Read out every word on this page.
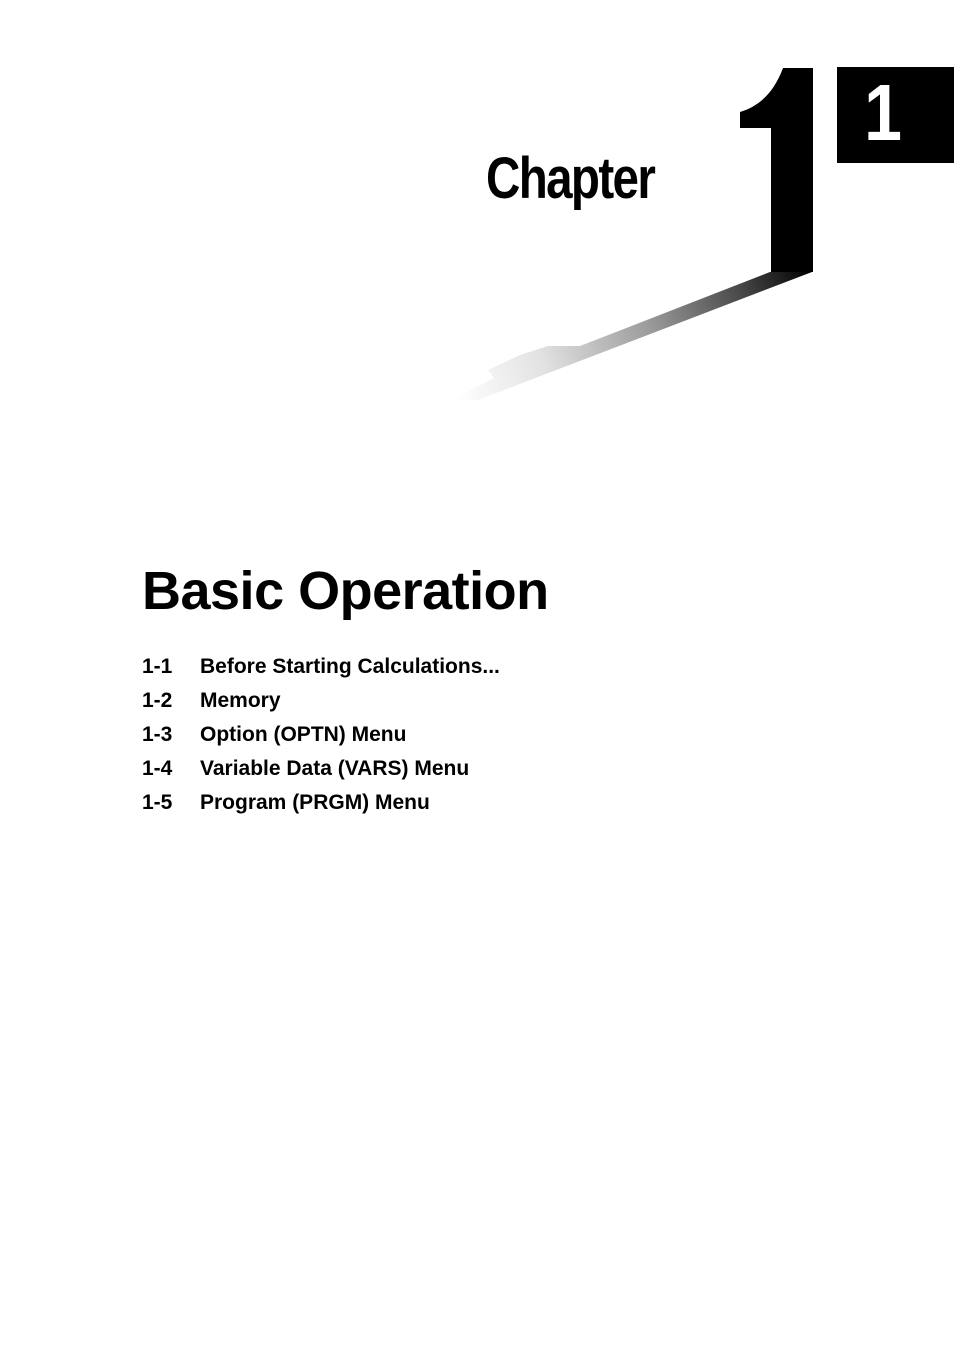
Chapter
1
Basic Operation
1-1	Before Starting Calculations...
1-2	Memory
1-3	Option (OPTN) Menu
1-4	Variable Data (VARS) Menu
1-5	Program (PRGM) Menu
